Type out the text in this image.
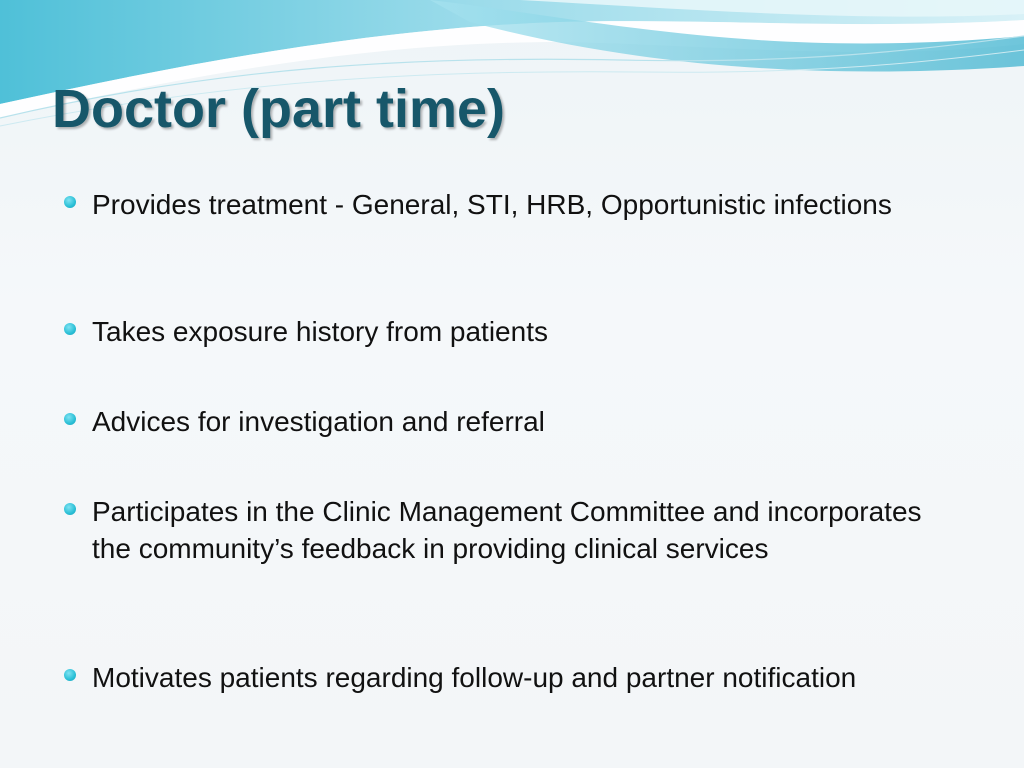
Doctor (part time)
Provides treatment - General, STI, HRB, Opportunistic infections
Takes exposure history from patients
Advices for investigation and referral
Participates in the Clinic Management Committee and incorporates the community’s feedback in providing clinical services
Motivates patients regarding follow-up and partner notification
